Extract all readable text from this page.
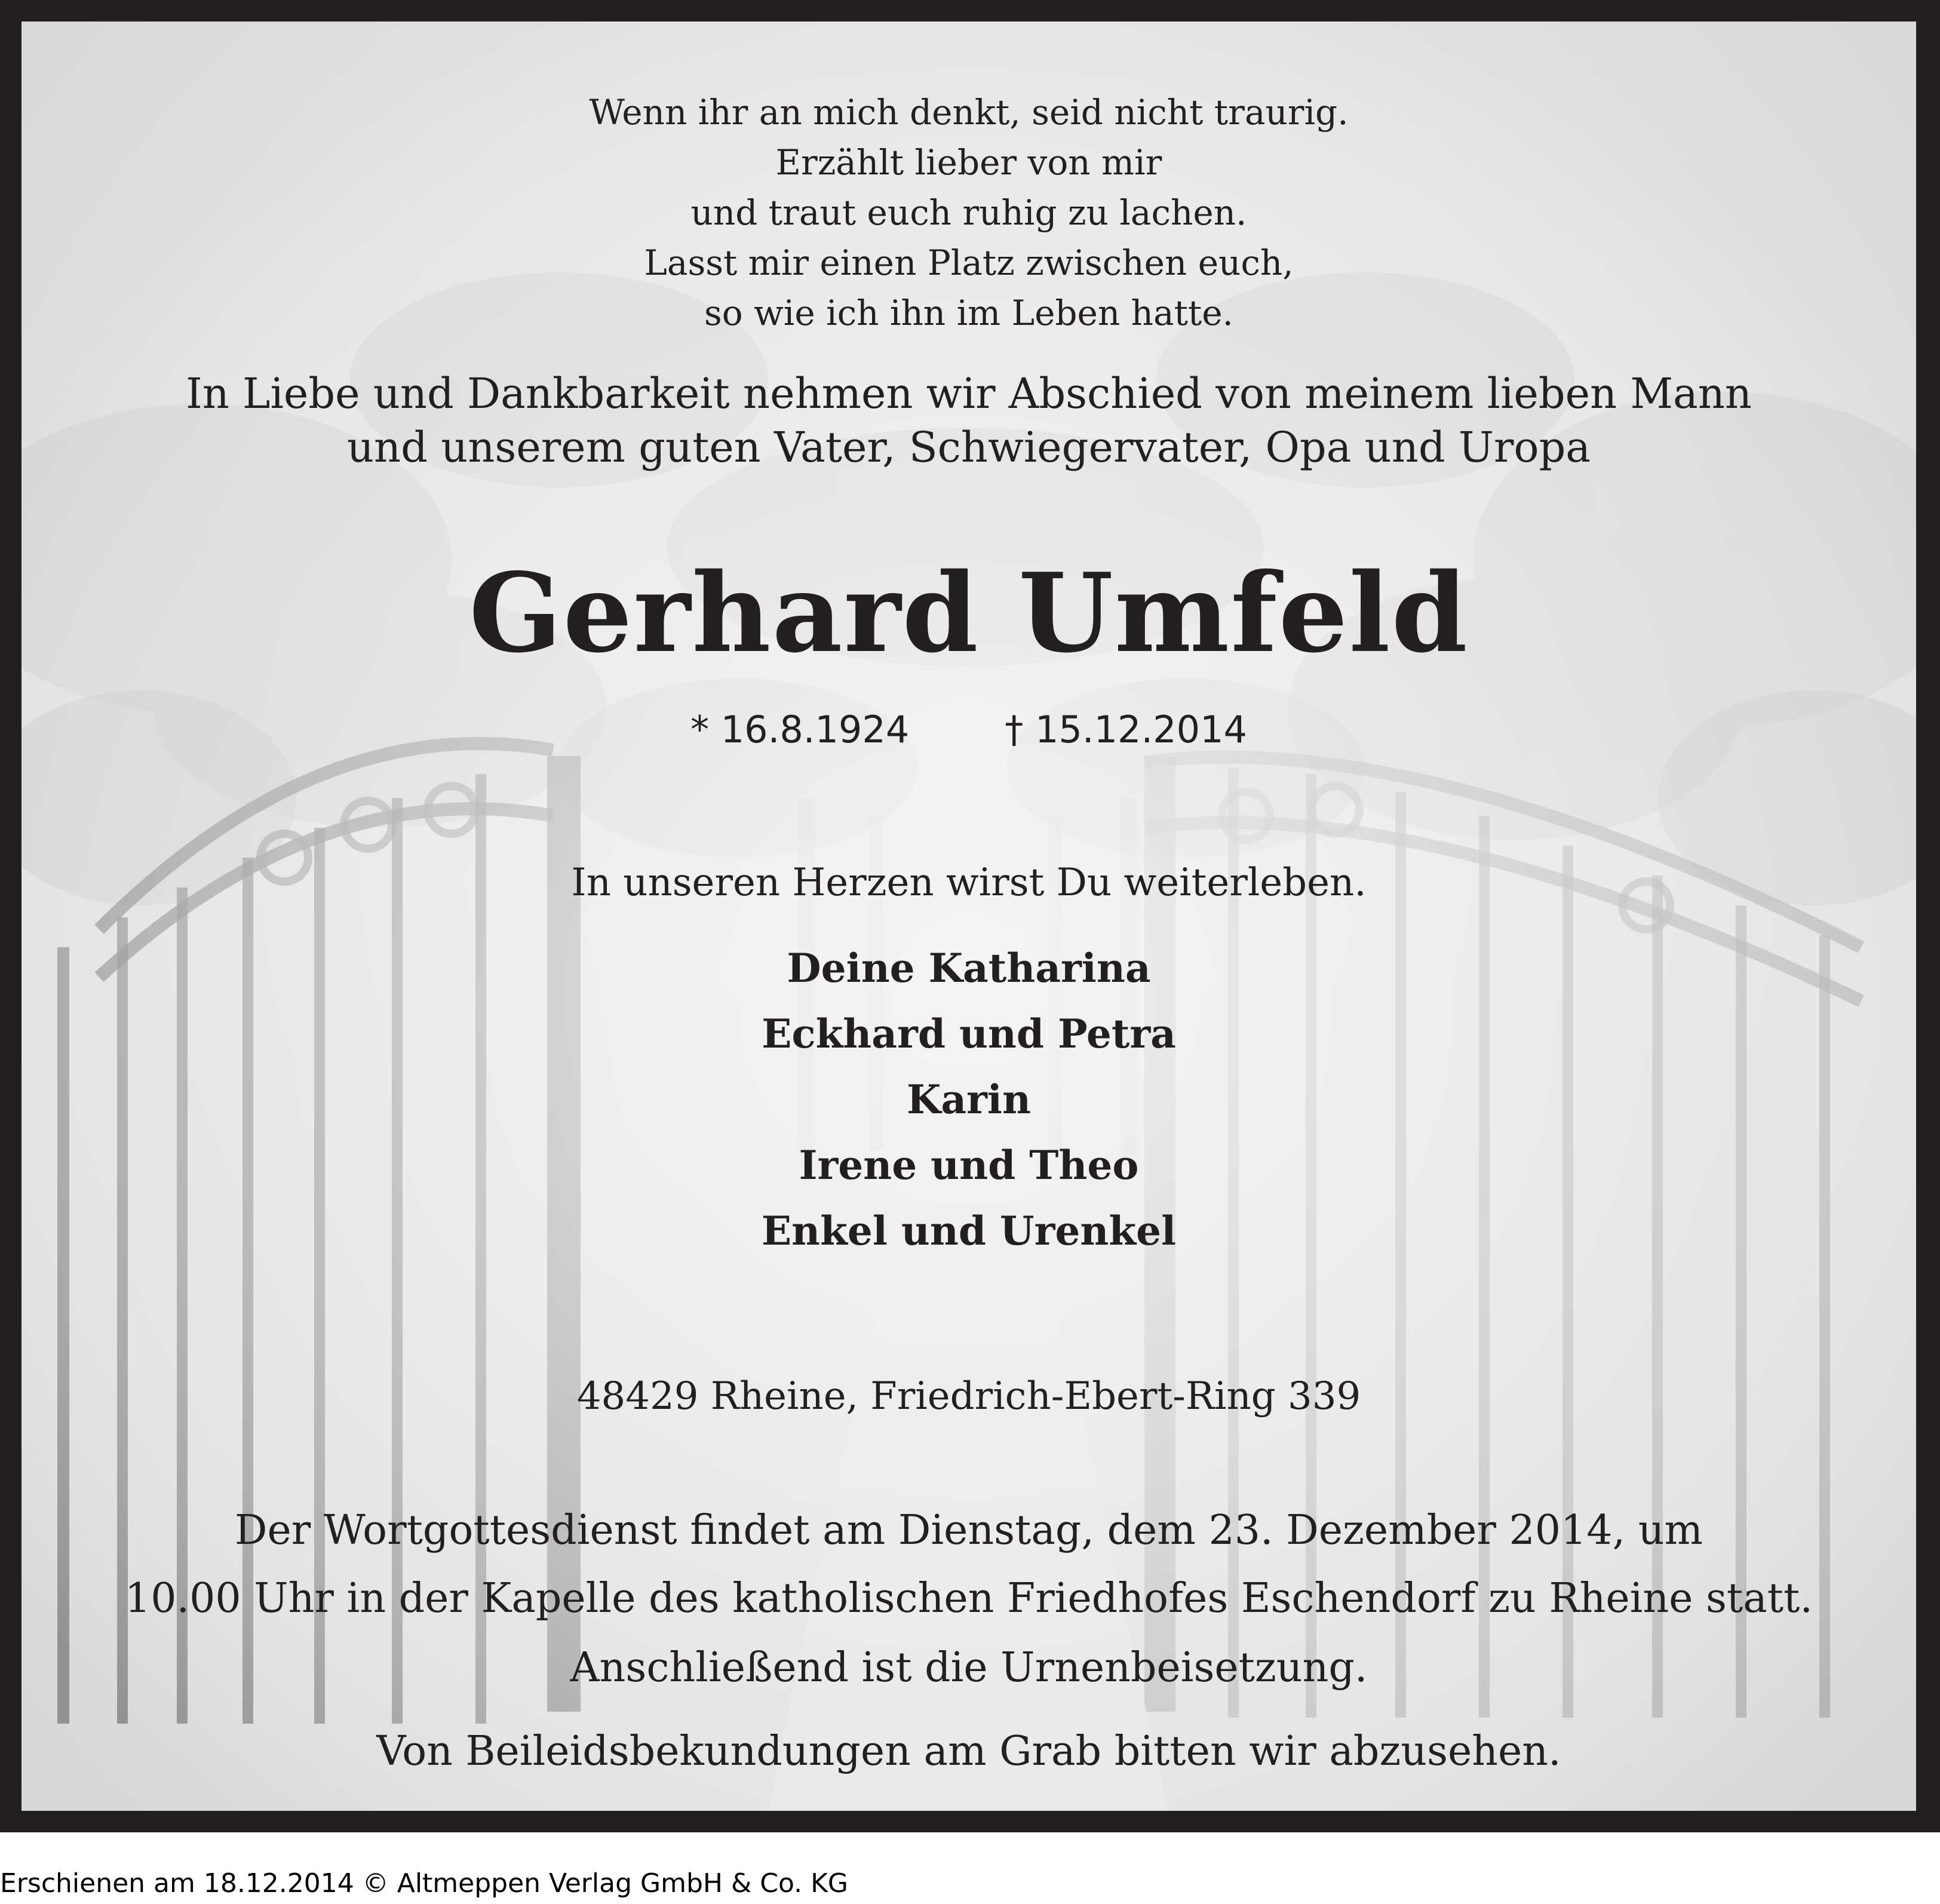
Wenn ihr an mich denkt, seid nicht traurig.
Erzählt lieber von mir
und traut euch ruhig zu lachen.
Lasst mir einen Platz zwischen euch,
so wie ich ihn im Leben hatte.
In Liebe und Dankbarkeit nehmen wir Abschied von meinem lieben Mann
und unserem guten Vater, Schwiegervater, Opa und Uropa
Gerhard Umfeld
* 16.8.1924	† 15.12.2014
In unseren Herzen wirst Du weiterleben.
Deine Katharina
Eckhard und Petra
Karin
Irene und Theo
Enkel und Urenkel
48429 Rheine, Friedrich-Ebert-Ring 339
Der Wortgottesdienst findet am Dienstag, dem 23. Dezember 2014, um
10.00 Uhr in der Kapelle des katholischen Friedhofes Eschendorf zu Rheine statt.
Anschließend ist die Urnenbeisetzung.
Von Beileidsbekundungen am Grab bitten wir abzusehen.
Erschienen am 18.12.2014 © Altmeppen Verlag GmbH & Co. KG
